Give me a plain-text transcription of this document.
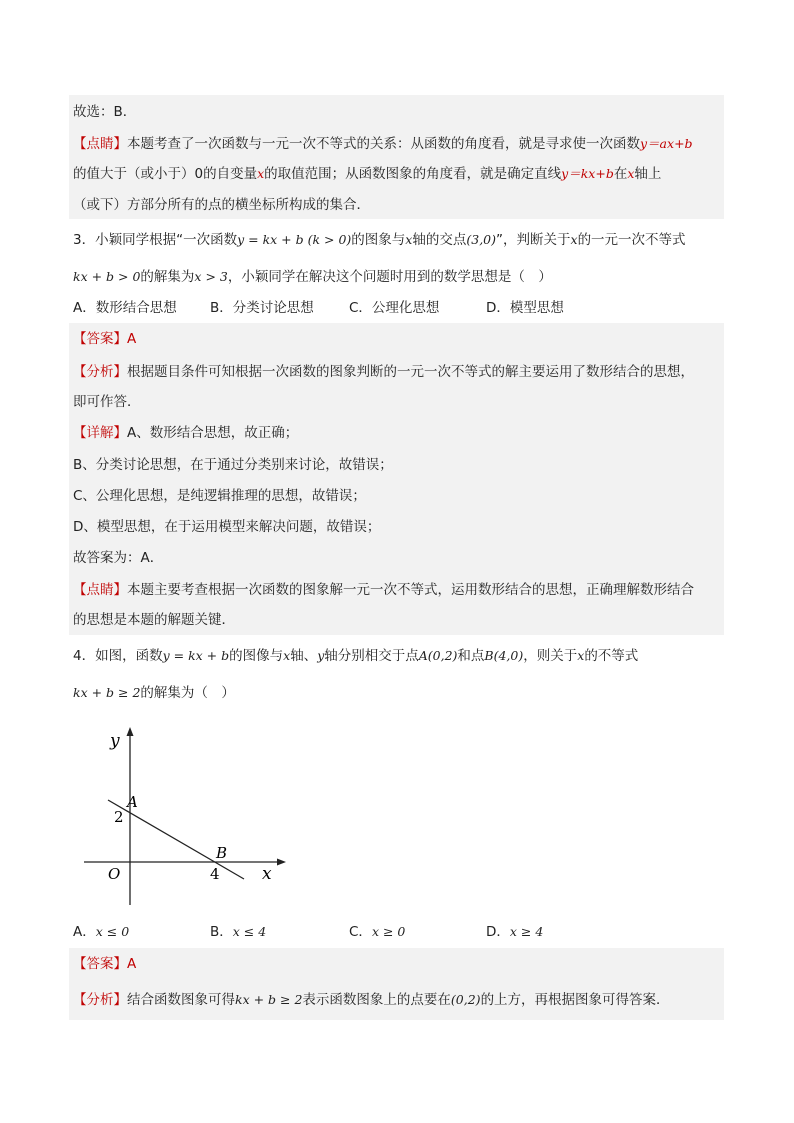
故选：B．
【点睛】本题考查了一次函数与一元一次不等式的关系：从函数的角度看，就是寻求使一次函数y＝ax+b
的值大于（或小于）0的自变量x的取值范围；从函数图象的角度看，就是确定直线y＝kx+b在x轴上
（或下）方部分所有的点的横坐标所构成的集合．
3．小颖同学根据“一次函数y = kx + b (k > 0)的图象与x轴的交点(3,0)”，判断关于x的一元一次不等式
kx + b > 0的解集为x > 3，小颖同学在解决这个问题时用到的数学思想是（　）
A．数形结合思想 B．分类讨论思想	C．公理化思想	D．模型思想
【答案】A
【分析】根据题目条件可知根据一次函数的图象判断的一元一次不等式的解主要运用了数形结合的思想，
即可作答．
【详解】A、数形结合思想，故正确；
B、分类讨论思想，在于通过分类别来讨论，故错误；
C、公理化思想，是纯逻辑推理的思想，故错误；
D、模型思想，在于运用模型来解决问题，故错误；
故答案为：A．
【点睛】本题主要考查根据一次函数的图象解一元一次不等式，运用数形结合的思想，正确理解数形结合
的思想是本题的解题关键．
4．如图，函数y = kx + b的图像与x轴、y轴分别相交于点A(0,2)和点B(4,0)，则关于x的不等式
kx + b ≥ 2的解集为（　）
y
A
2
B
O	4 x
A．x ≤ 0	B．x ≤ 4	C．x ≥ 0	D．x ≥ 4
【答案】A
【分析】结合函数图象可得kx + b ≥ 2表示函数图象上的点要在(0,2)的上方，再根据图象可得答案．
